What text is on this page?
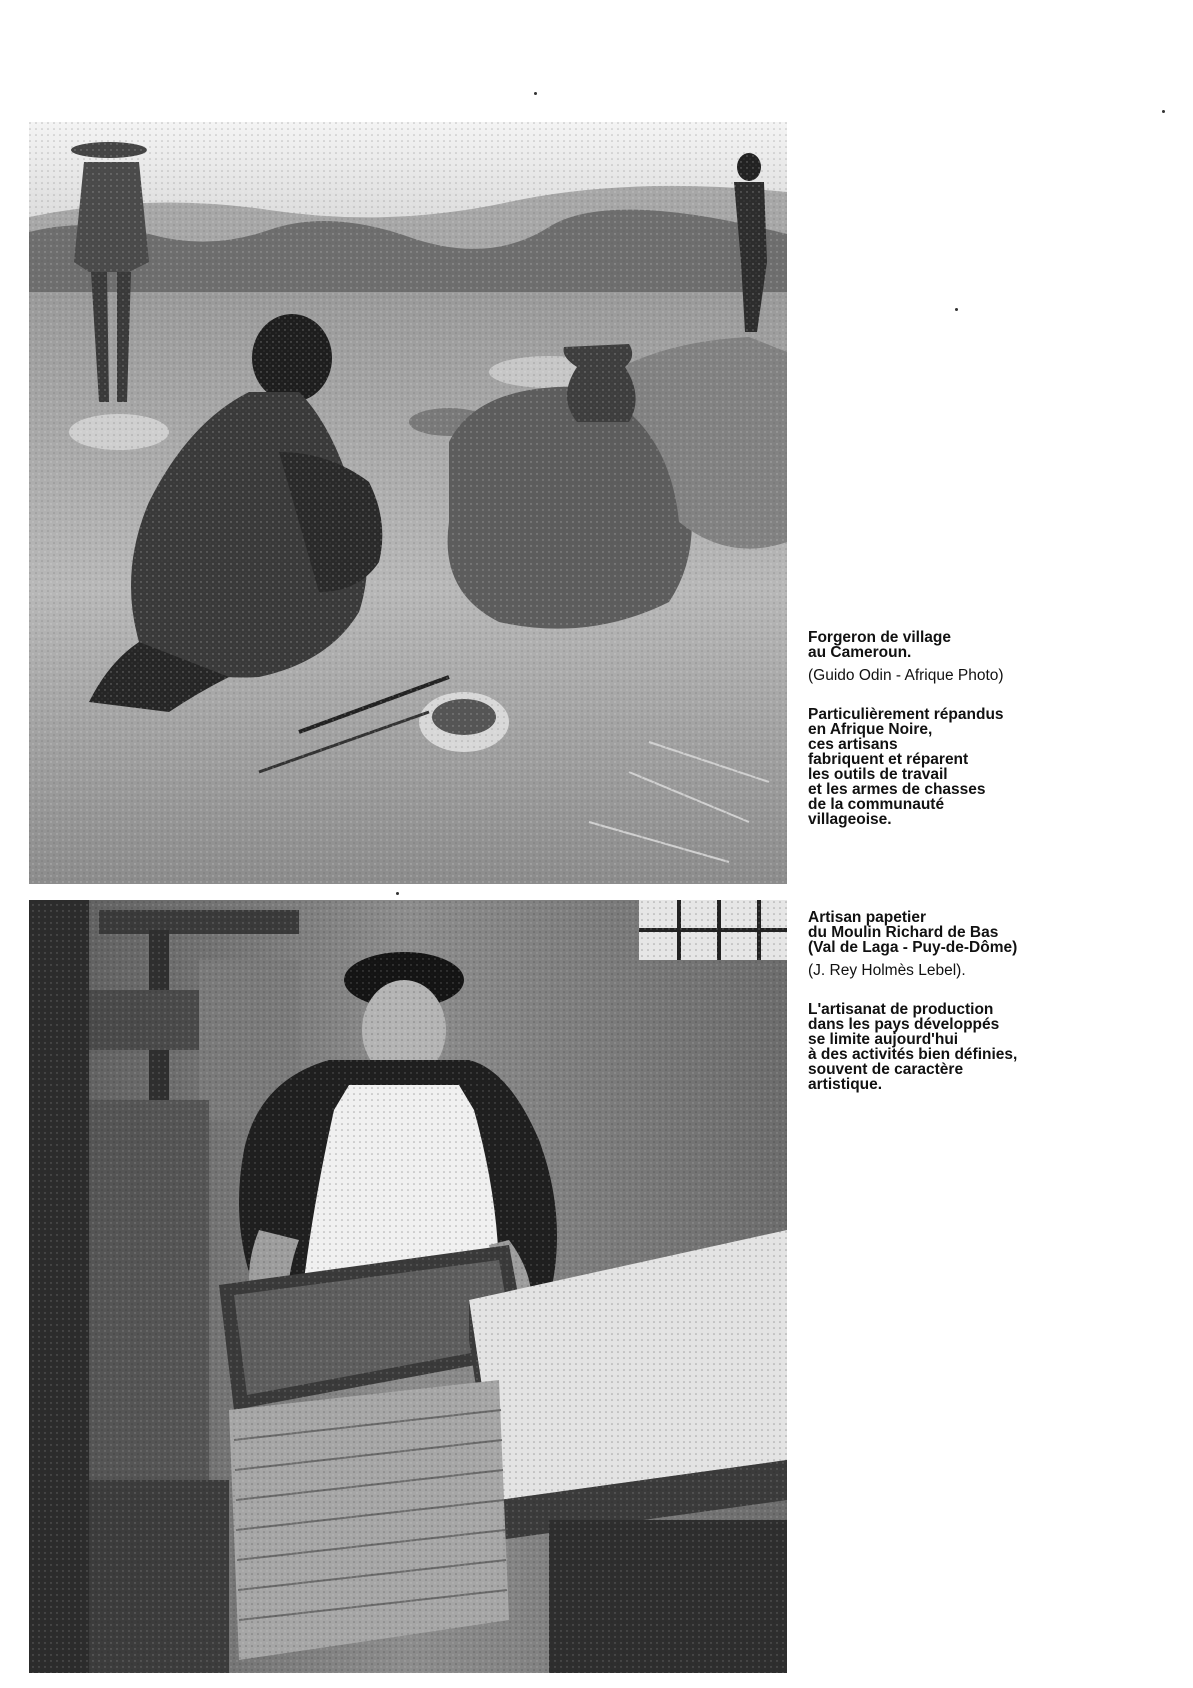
Forgeron de village
au Cameroun.

(Guido Odin - Afrique Photo)

Particulièrement répandus
en Afrique Noire,
ces artisans
fabriquent et réparent
les outils de travail
et les armes de chasses
de la communauté
villageoise.

Artisan papetier
du Moulin Richard de Bas
(Val de Laga - Puy-de-Dôme)

(J. Rey Holmès Lebel).

L'artisanat de production
dans les pays développés
se limite aujourd'hui
à des activités bien définies,
souvent de caractère
artistique.
